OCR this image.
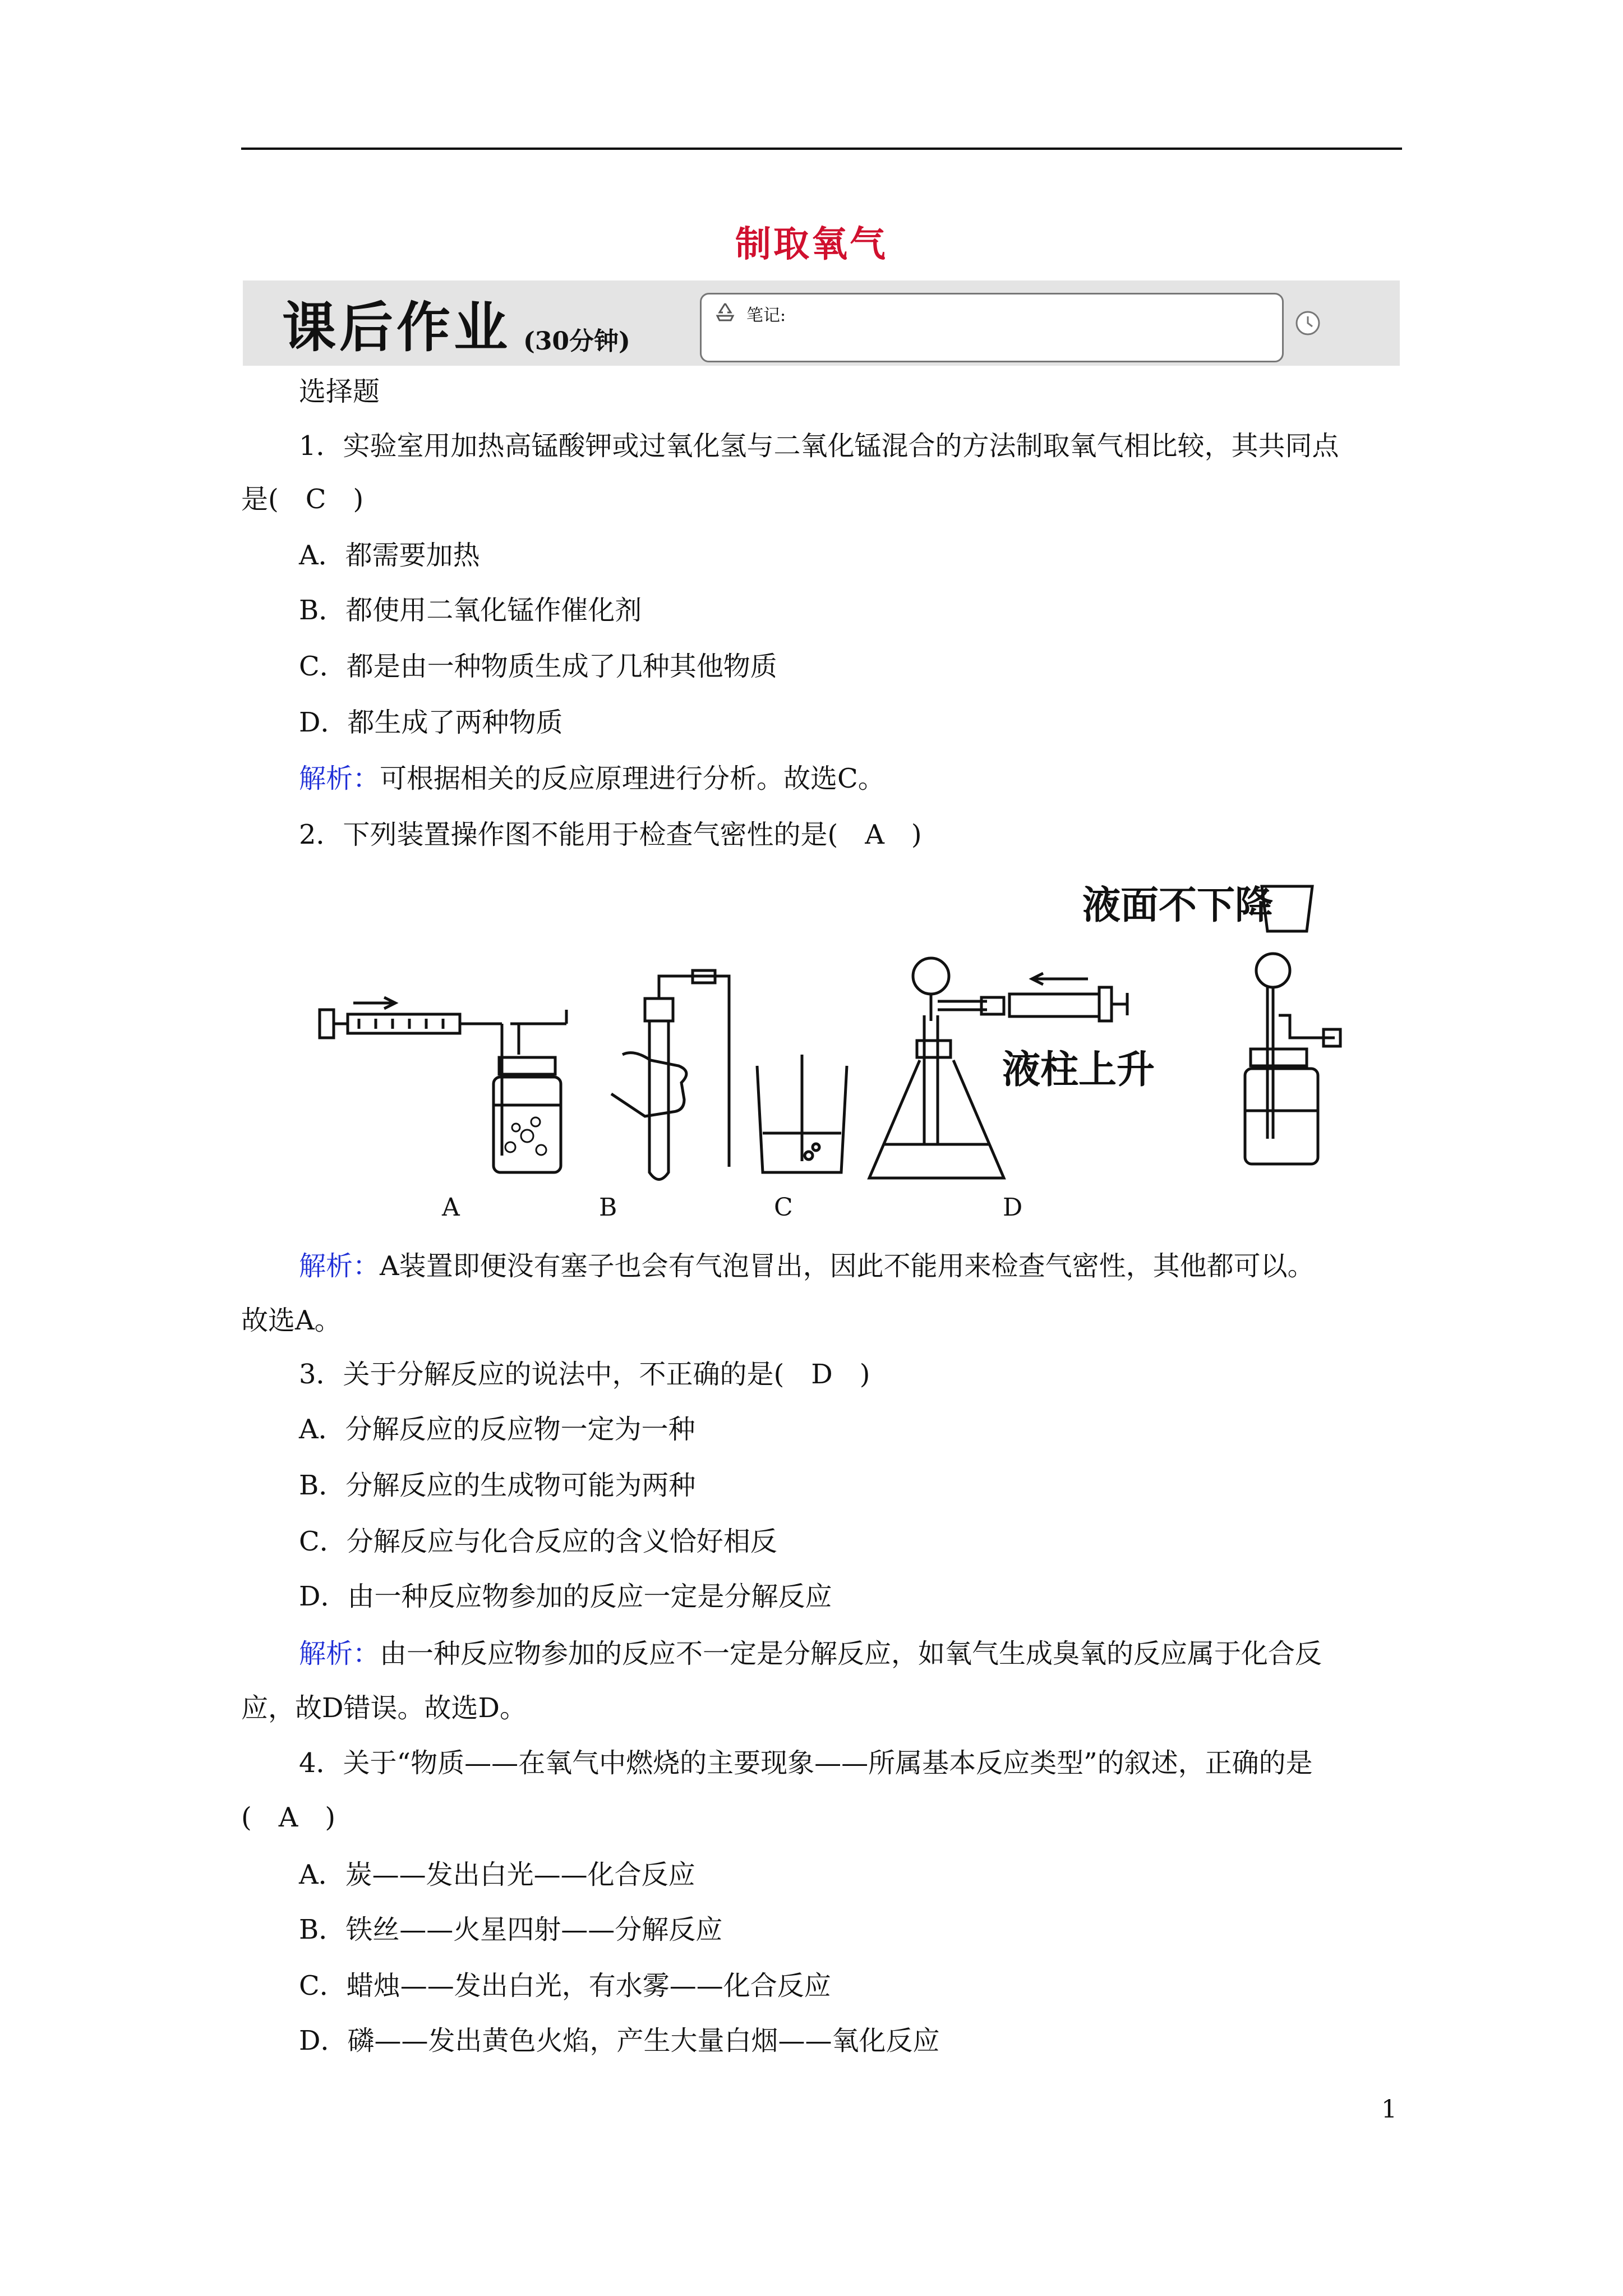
制取氧气
课后作业 (30分钟)
笔记:
选择题
1．实验室用加热高锰酸钾或过氧化氢与二氧化锰混合的方法制取氧气相比较，其共同点
是(　C　)
A．都需要加热
B．都使用二氧化锰作催化剂
C．都是由一种物质生成了几种其他物质
D．都生成了两种物质
解析：可根据相关的反应原理进行分析。故选C。
2．下列装置操作图不能用于检查气密性的是(　A　)
液柱上升
液面不下降
A	B	C	D
解析：A装置即便没有塞子也会有气泡冒出，因此不能用来检查气密性，其他都可以。
故选A。
3．关于分解反应的说法中，不正确的是(　D　)
A．分解反应的反应物一定为一种
B．分解反应的生成物可能为两种
C．分解反应与化合反应的含义恰好相反
D．由一种反应物参加的反应一定是分解反应
解析：由一种反应物参加的反应不一定是分解反应，如氧气生成臭氧的反应属于化合反
应，故D错误。故选D。
4．关于“物质——在氧气中燃烧的主要现象——所属基本反应类型”的叙述，正确的是
(　A　)
A．炭——发出白光——化合反应
B．铁丝——火星四射——分解反应
C．蜡烛——发出白光，有水雾——化合反应
D．磷——发出黄色火焰，产生大量白烟——氧化反应
1
